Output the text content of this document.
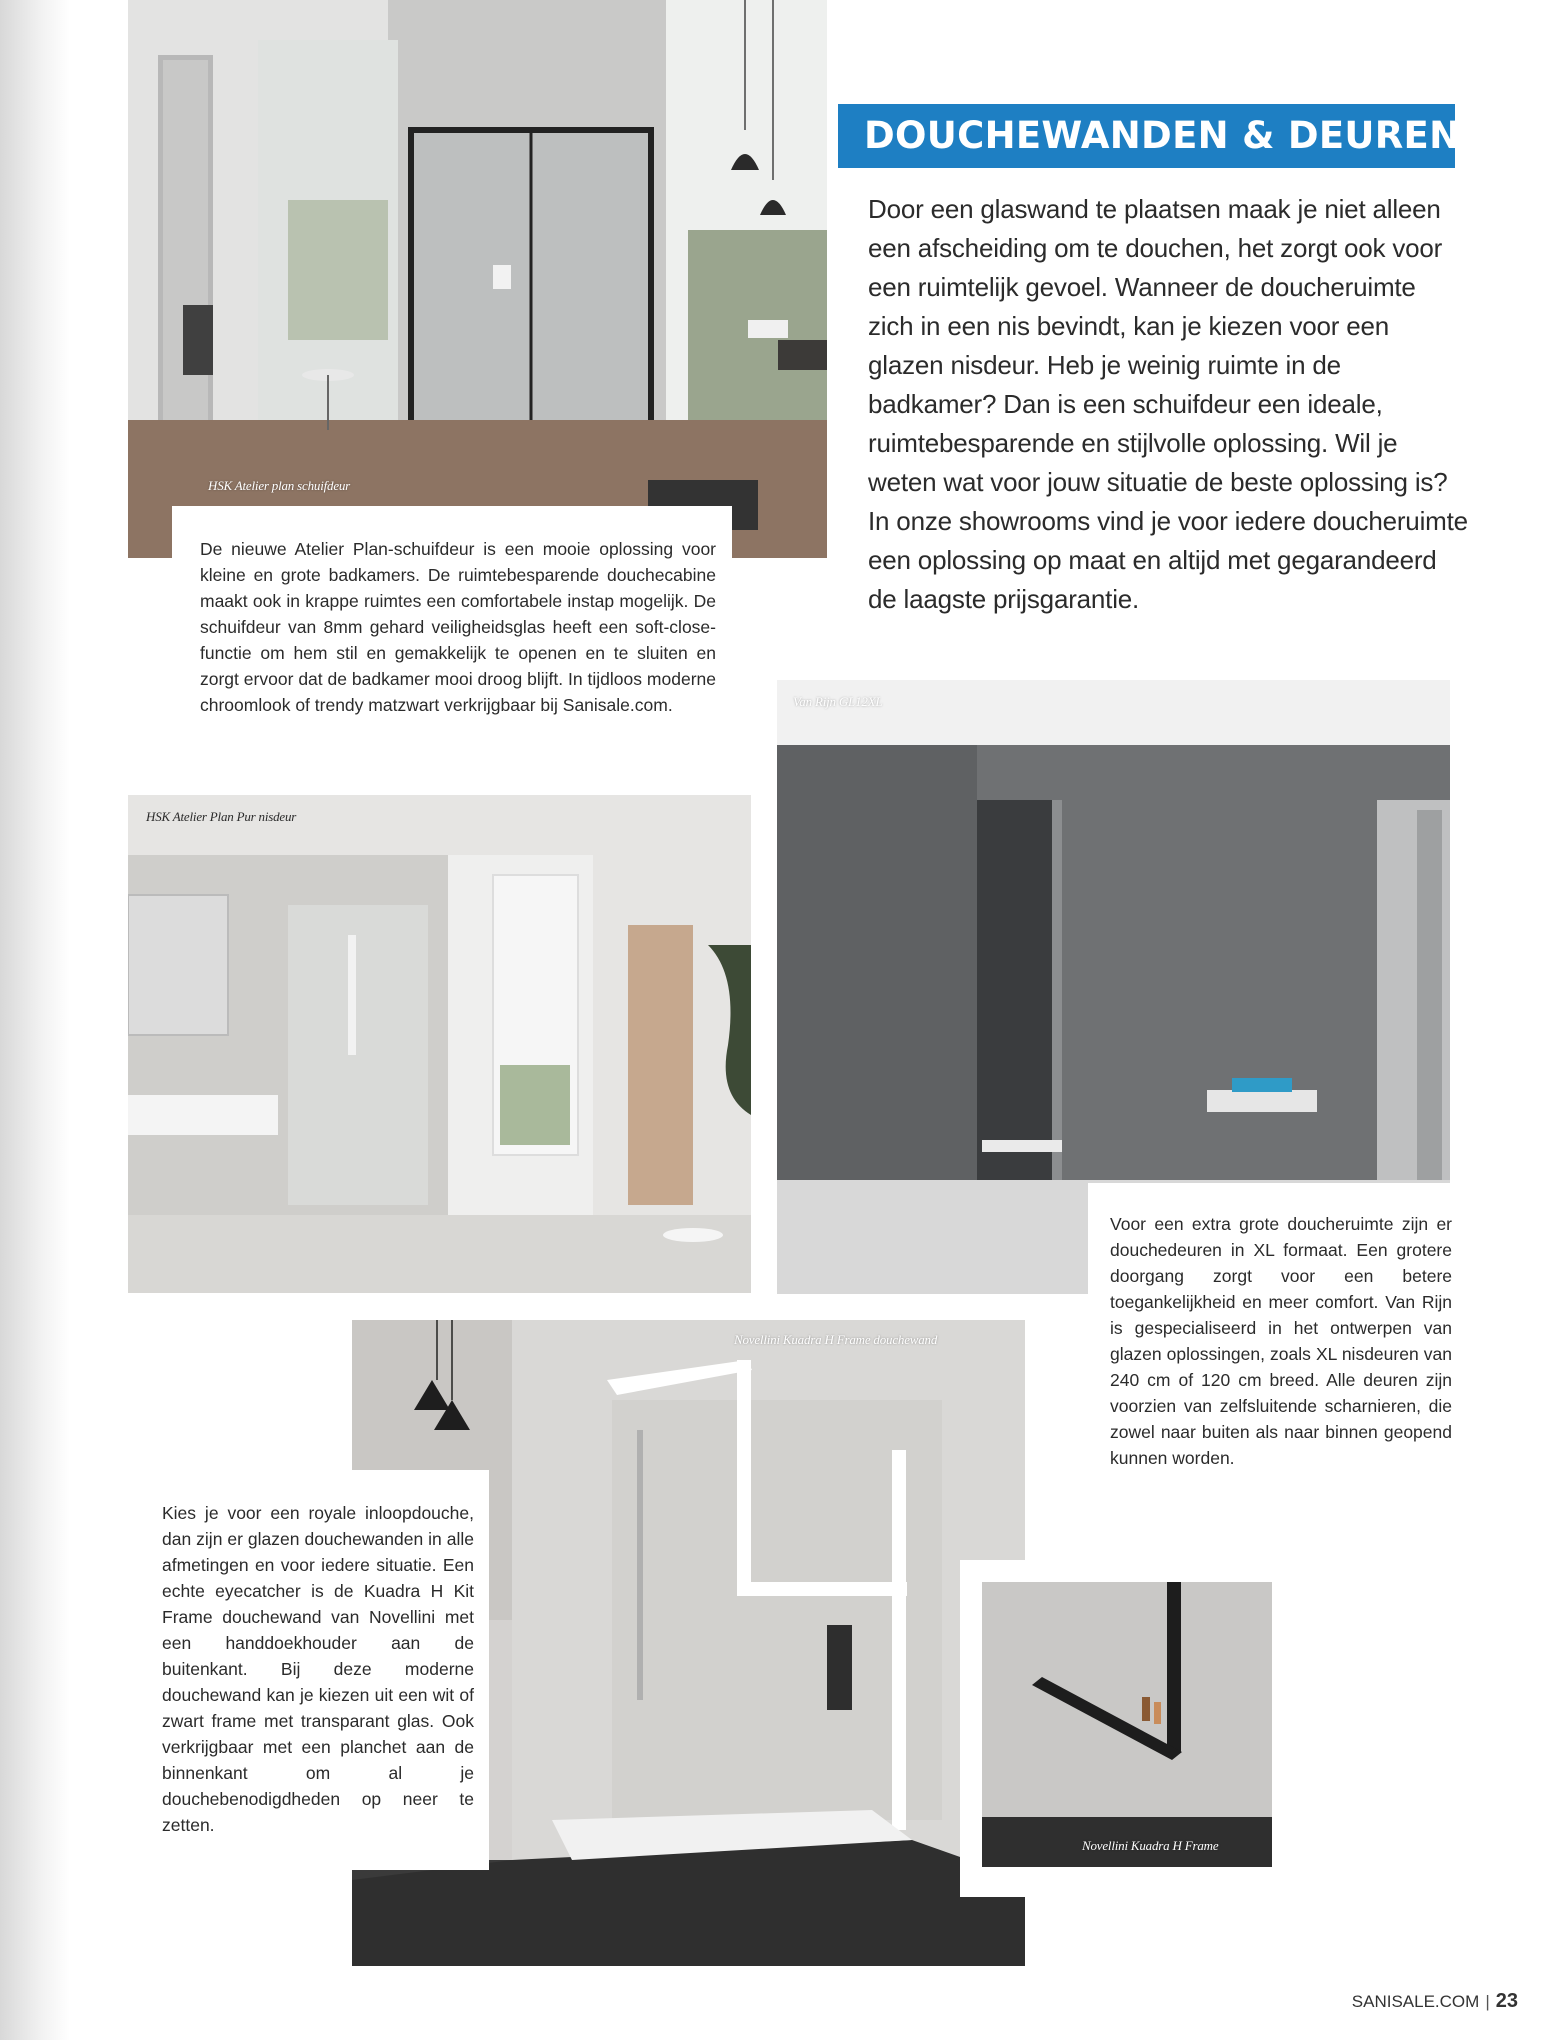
HSK Atelier plan schuifdeur
DOUCHEWANDEN & DEUREN
Door een glaswand te plaatsen maak je niet alleen een afscheiding om te douchen, het zorgt ook voor een ruimtelijk gevoel. Wanneer de doucheruimte zich in een nis bevindt, kan je kiezen voor een glazen nisdeur. Heb je weinig ruimte in de badkamer? Dan is een schuifdeur een ideale, ruimtebesparende en stijlvolle oplossing. Wil je weten wat voor jouw situatie de beste oplossing is? In onze showrooms vind je voor iedere doucheruimte een oplossing op maat en altijd met gegarandeerd de laagste prijsgarantie.
De nieuwe Atelier Plan-schuifdeur is een mooie oplossing voor kleine en grote badkamers. De ruimtebesparende douchecabine maakt ook in krappe ruimtes een comfortabele instap mogelijk. De schuifdeur van 8mm gehard veiligheidsglas heeft een soft-close-functie om hem stil en gemakkelijk te openen en te sluiten en zorgt ervoor dat de badkamer mooi droog blijft. In tijdloos moderne chroomlook of trendy matzwart verkrijgbaar bij Sanisale.com.
HSK Atelier Plan Pur nisdeur
Van Rijn GL12XL
Voor een extra grote doucheruimte zijn er douchedeuren in XL formaat. Een grotere doorgang zorgt voor een betere toegankelijkheid en meer comfort. Van Rijn is gespecialiseerd in het ontwerpen van glazen oplossingen, zoals XL nisdeuren van 240 cm of 120 cm breed. Alle deuren zijn voorzien van zelfsluitende scharnieren, die zowel naar buiten als naar binnen geopend kunnen worden.
Novellini Kuadra H Frame douchewand
Kies je voor een royale inloopdouche, dan zijn er glazen douchewanden in alle afmetingen en voor iedere situatie. Een echte eyecatcher is de Kuadra H Kit Frame douchewand van Novellini met een handdoekhouder aan de buitenkant. Bij deze moderne douchewand kan je kiezen uit een wit of zwart frame met transparant glas. Ook verkrijgbaar met een planchet aan de binnenkant om al je douchebenodigdheden op neer te zetten.
Novellini Kuadra H Frame
SANISALE.COM | 23
